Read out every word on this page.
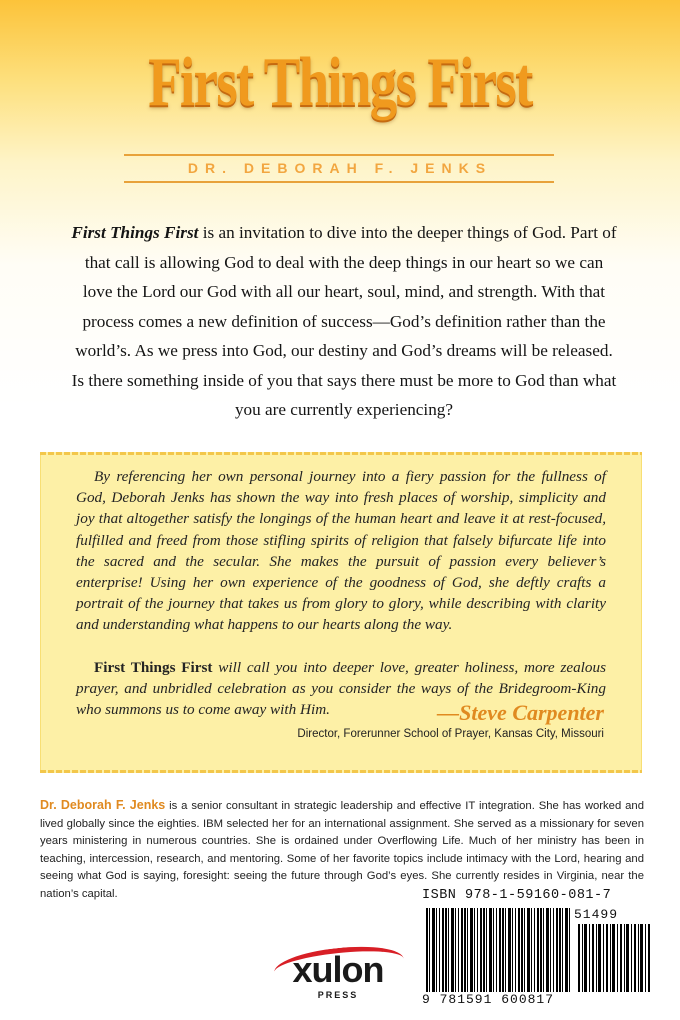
First Things First
DR. DEBORAH F. JENKS
First Things First is an invitation to dive into the deeper things of God. Part of that call is allowing God to deal with the deep things in our heart so we can love the Lord our God with all our heart, soul, mind, and strength. With that process comes a new definition of success—God’s definition rather than the world’s. As we press into God, our destiny and God’s dreams will be released. Is there something inside of you that says there must be more to God than what you are currently experiencing?
By referencing her own personal journey into a fiery passion for the fullness of God, Deborah Jenks has shown the way into fresh places of worship, simplicity and joy that altogether satisfy the longings of the human heart and leave it at rest-focused, fulfilled and freed from those stifling spirits of religion that falsely bifurcate life into the sacred and the secular. She makes the pursuit of passion every believer’s enterprise! Using her own experience of the goodness of God, she deftly crafts a portrait of the journey that takes us from glory to glory, while describing with clarity and understanding what happens to our hearts along the way.
First Things First will call you into deeper love, greater holiness, more zealous prayer, and unbridled celebration as you consider the ways of the Bridegroom-King who summons us to come away with Him.	—Steve Carpenter
Director, Forerunner School of Prayer, Kansas City, Missouri
Dr. Deborah F. Jenks is a senior consultant in strategic leadership and effective IT integration. She has worked and lived globally since the eighties. IBM selected her for an international assignment. She served as a missionary for seven years ministering in numerous countries. She is ordained under Overflowing Life. Much of her ministry has been in teaching, intercession, research, and mentoring. Some of her favorite topics include intimacy with the Lord, hearing and seeing what God is saying, foresight: seeing the future through God’s eyes. She currently resides in Virginia, near the nation’s capital.
xulon
PRESS
ISBN 978-1-59160-081-7
51499
9 781591 600817
